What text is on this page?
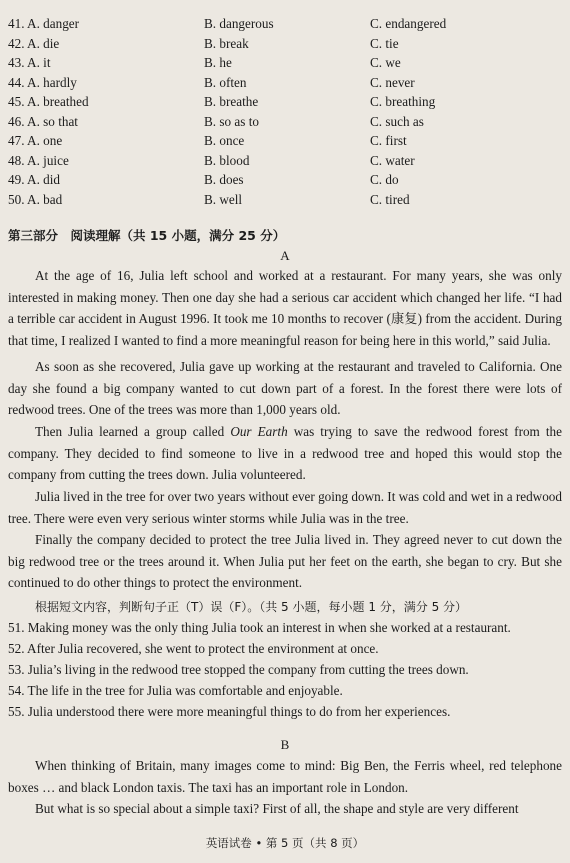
41. A. danger	B. dangerous	C. endangered
42. A. die	B. break	C. tie
43. A. it	B. he	C. we
44. A. hardly	B. often	C. never
45. A. breathed	B. breathe	C. breathing
46. A. so that	B. so as to	C. such as
47. A. one	B. once	C. first
48. A. juice	B. blood	C. water
49. A. did	B. does	C. do
50. A. bad	B. well	C. tired
第三部分　阅读理解（共 15 小题，满分 25 分）
A
At the age of 16, Julia left school and worked at a restaurant. For many years, she was only interested in making money. Then one day she had a serious car accident which changed her life. “I had a terrible car accident in August 1996. It took me 10 months to recover (康复) from the accident. During that time, I realized I wanted to find a more meaningful reason for being here in this world,” said Julia.
As soon as she recovered, Julia gave up working at the restaurant and traveled to California. One day she found a big company wanted to cut down part of a forest. In the forest there were lots of redwood trees. One of the trees was more than 1,000 years old.
Then Julia learned a group called Our Earth was trying to save the redwood forest from the company. They decided to find someone to live in a redwood tree and hoped this would stop the company from cutting the trees down. Julia volunteered.
Julia lived in the tree for over two years without ever going down. It was cold and wet in a redwood tree. There were even very serious winter storms while Julia was in the tree.
Finally the company decided to protect the tree Julia lived in. They agreed never to cut down the big redwood tree or the trees around it. When Julia put her feet on the earth, she began to cry. But she continued to do other things to protect the environment.
根据短文内容，判断句子正（T）误（F）。（共 5 小题，每小题 1 分，满分 5 分）
51. Making money was the only thing Julia took an interest in when she worked at a restaurant.
52. After Julia recovered, she went to protect the environment at once.
53. Julia’s living in the redwood tree stopped the company from cutting the trees down.
54. The life in the tree for Julia was comfortable and enjoyable.
55. Julia understood there were more meaningful things to do from her experiences.
B
When thinking of Britain, many images come to mind: Big Ben, the Ferris wheel, red telephone boxes … and black London taxis. The taxi has an important role in London.
But what is so special about a simple taxi? First of all, the shape and style are very different
英语试卷 • 第 5 页（共 8 页）
